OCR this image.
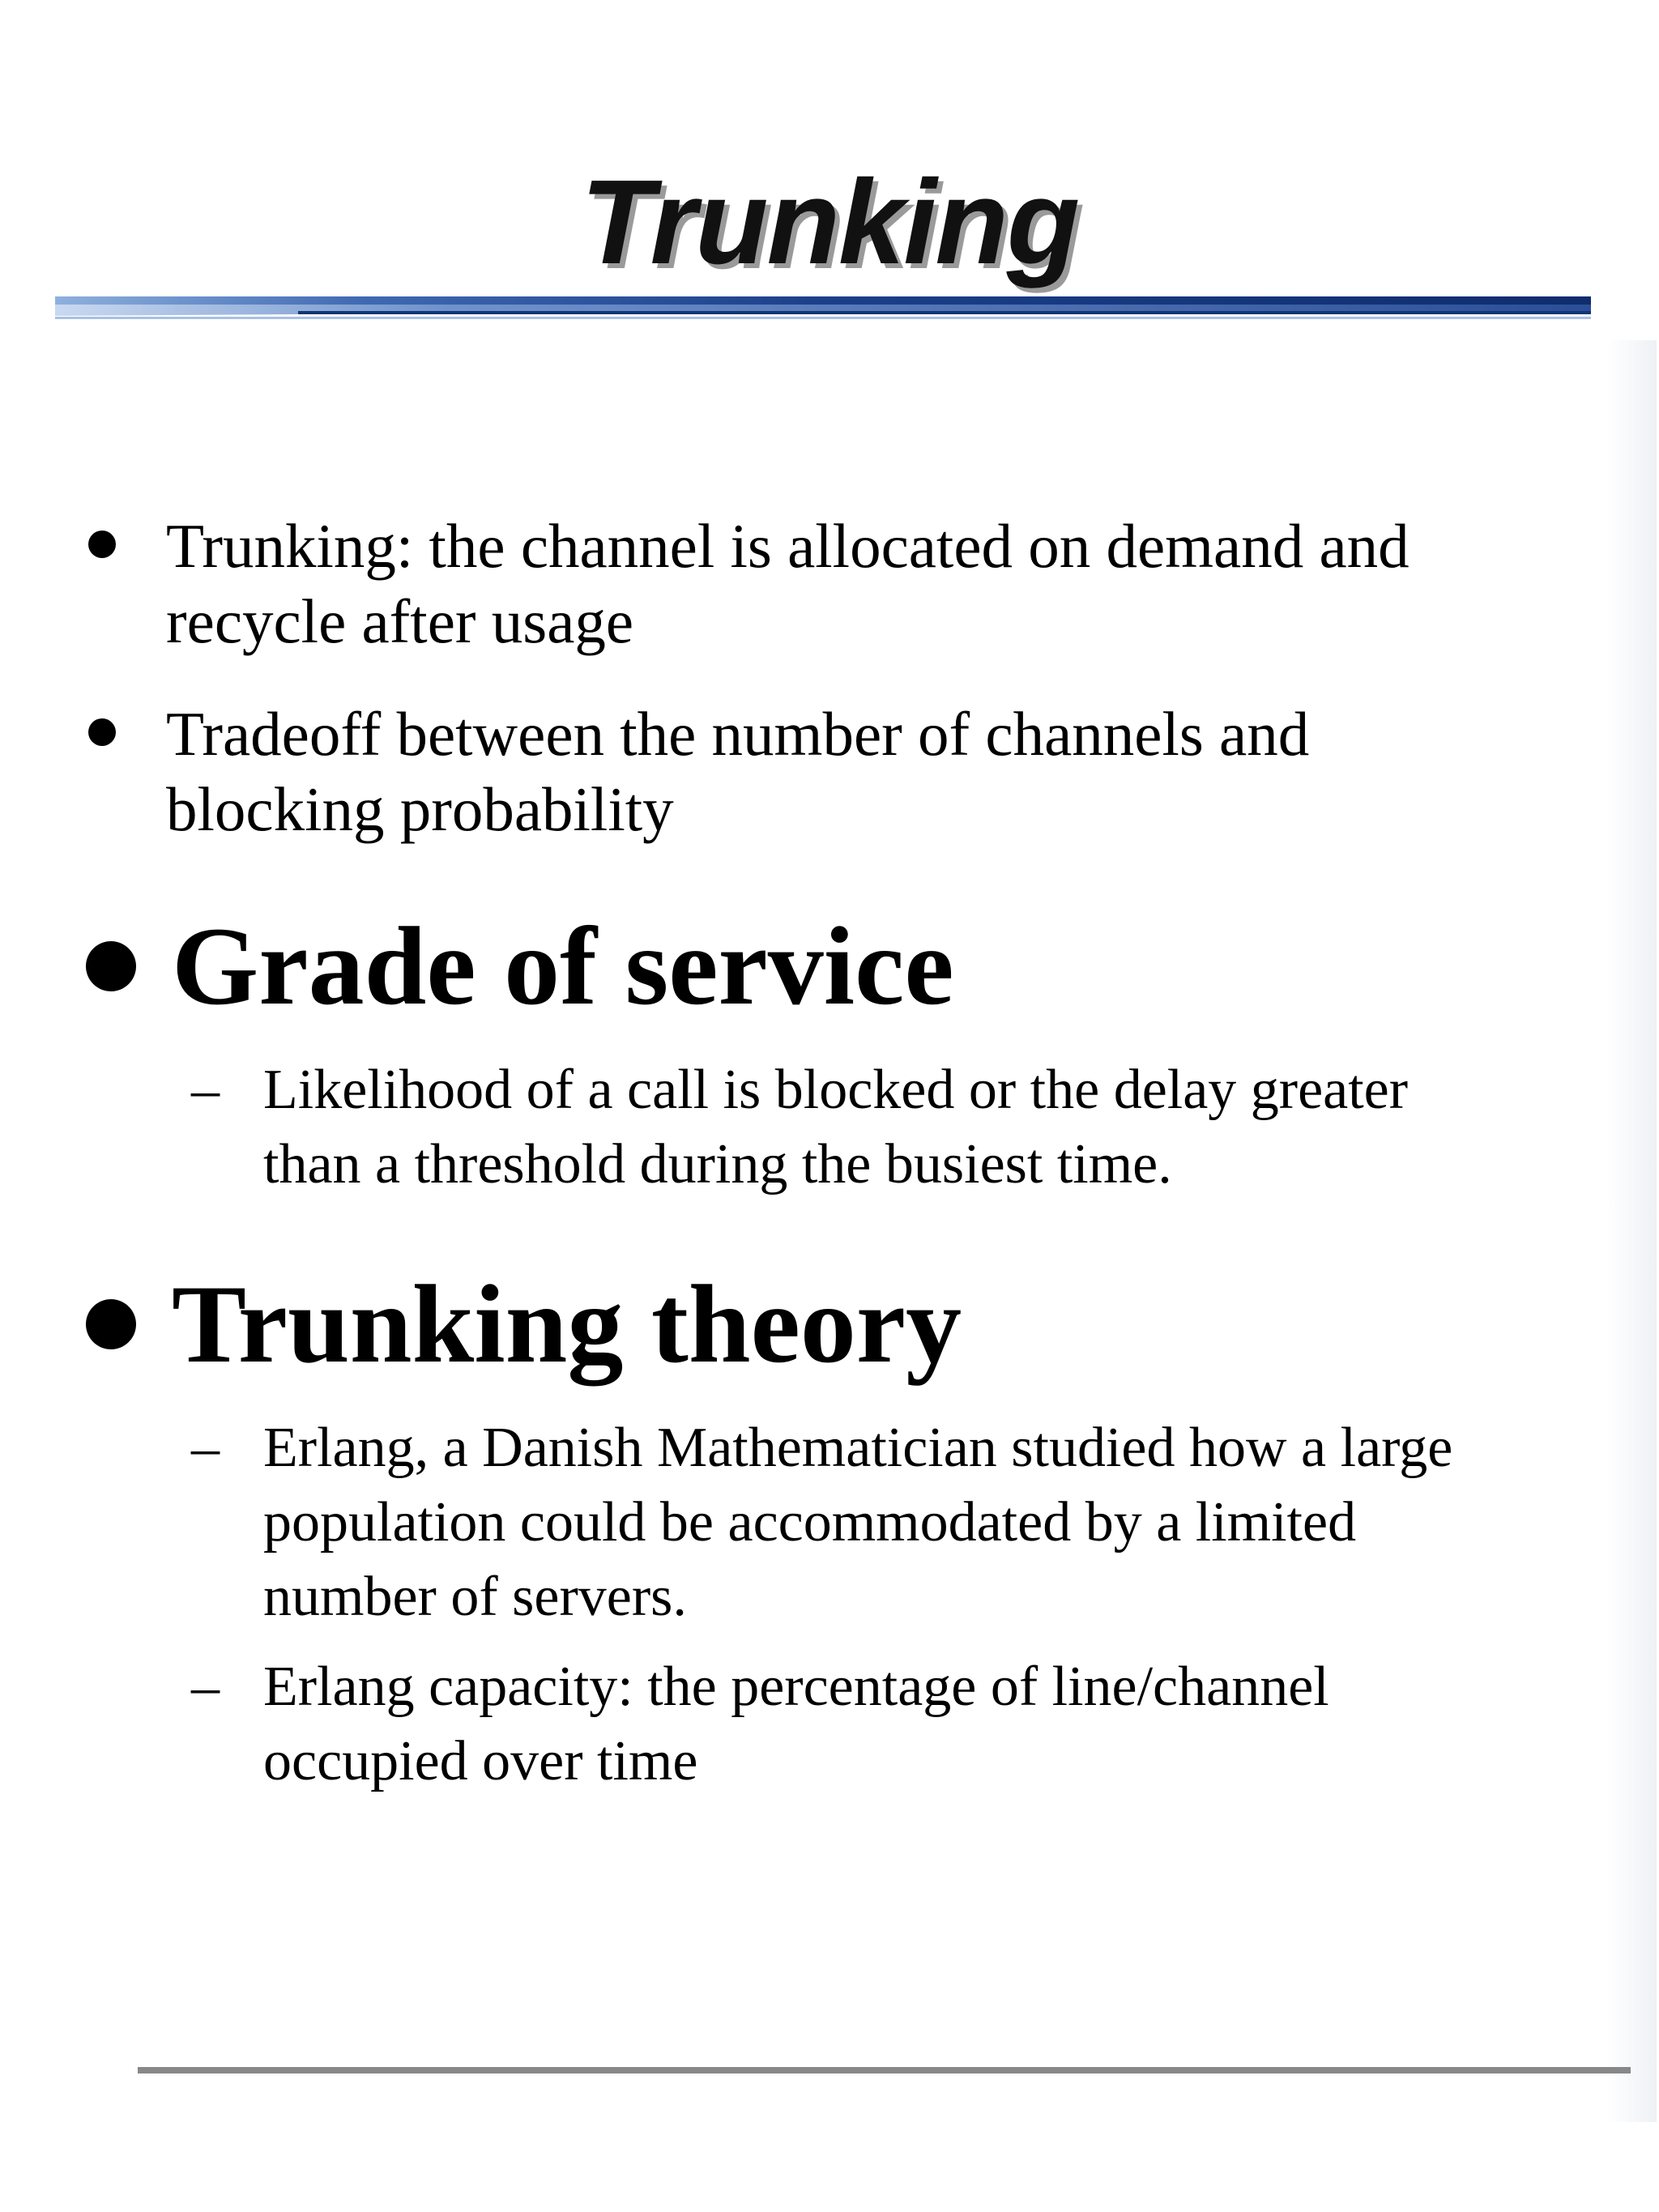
Trunking
Trunking: the channel is allocated on demand and
recycle after usage
Tradeoff between the number of channels and
blocking probability
Grade of service
– Likelihood of a call is blocked or the delay greater
than a threshold during the busiest time.
Trunking theory
– Erlang, a Danish Mathematician studied how a large
population could be accommodated by a limited
number of servers.
– Erlang capacity: the percentage of line/channel
occupied over time
